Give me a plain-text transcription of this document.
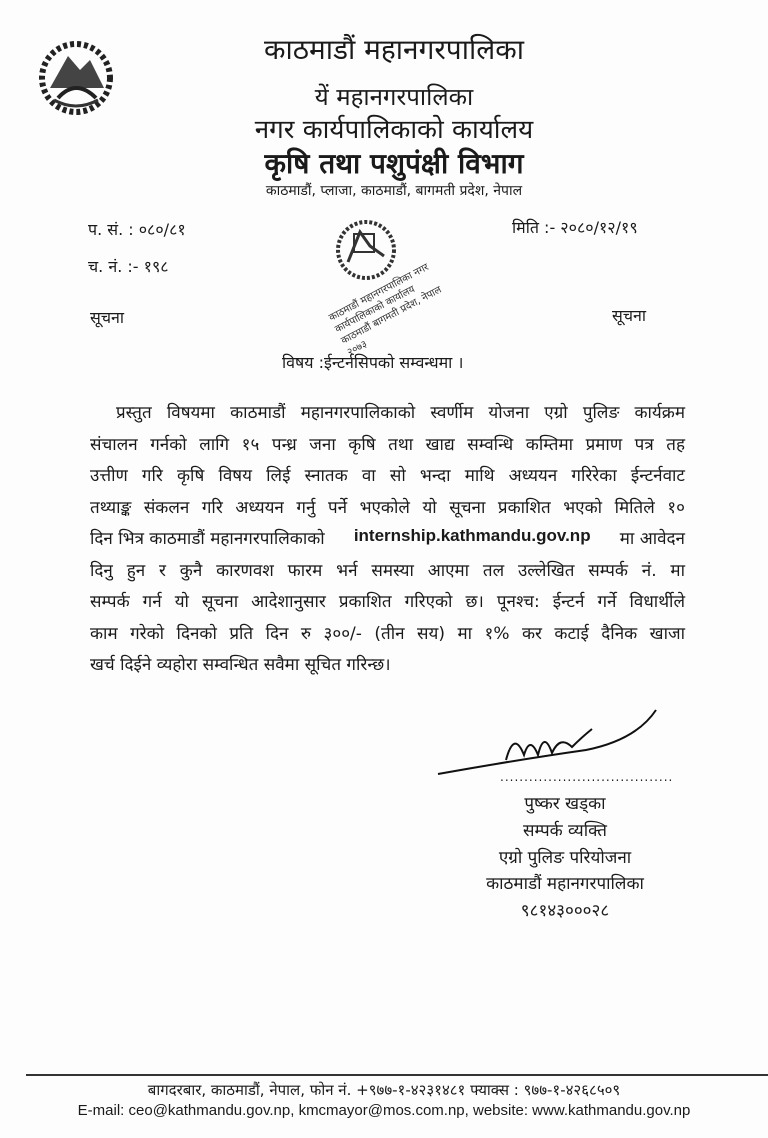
काठमाडौं महानगरपालिका
यें महानगरपालिका
नगर कार्यपालिकाको कार्यालय
कृषि तथा पशुपंक्षी विभाग
काठमाडौं, प्लाजा, काठमाडौं, बागमती प्रदेश, नेपाल
प. सं. : ०८०/८१
च. नं. :- १९८
मिति :- २०८०/१२/१९
काठमाडौं महानगरपालिका नगर कार्यपालिकाको कार्यालय काठमाडौं बागमती प्रदेश, नेपाल २०७३
सूचना	सूचना
विषय :ईन्टर्नसिपको सम्वन्धमा ।
प्रस्तुत विषयमा काठमाडौं महानगरपालिकाको स्वर्णीम योजना एग्रो पुलिङ कार्यक्रम
संचालन गर्नको लागि १५ पन्ध्र जना कृषि तथा खाद्य सम्वन्धि कम्तिमा प्रमाण पत्र तह
उत्तीण गरि कृषि विषय लिई स्नातक वा सो भन्दा माथि अध्ययन गरिरेका ईन्टर्नवाट
तथ्याङ्क संकलन गरि अध्ययन गर्नु पर्ने भएकोले यो सूचना प्रकाशित भएको मितिले १०
दिन भित्र काठमाडौं महानगरपालिकाको internship.kathmandu.gov.np मा आवेदन
दिनु हुन र कुनै कारणवश फारम भर्न समस्या आएमा तल उल्लेखित सम्पर्क नं. मा
सम्पर्क गर्न यो सूचना आदेशानुसार प्रकाशित गरिएको छ। पूनश्च: ईन्टर्न गर्ने विधार्थीले
काम गरेको दिनको प्रति दिन रु ३००/- (तीन सय) मा १% कर कटाई दैनिक खाजा
खर्च दिईने व्यहोरा सम्वन्धित सवैमा सूचित गरिन्छ।
....................................
पुष्कर खड्का
सम्पर्क व्यक्ति
एग्रो पुलिङ परियोजना
काठमाडौं महानगरपालिका
९८१४३०००२८
बागदरबार, काठमाडौं, नेपाल, फोन नं. +९७७-१-४२३१४८१ फ्याक्स : ९७७-१-४२६८५०९
E-mail: ceo@kathmandu.gov.np, kmcmayor@mos.com.np, website: www.kathmandu.gov.np
